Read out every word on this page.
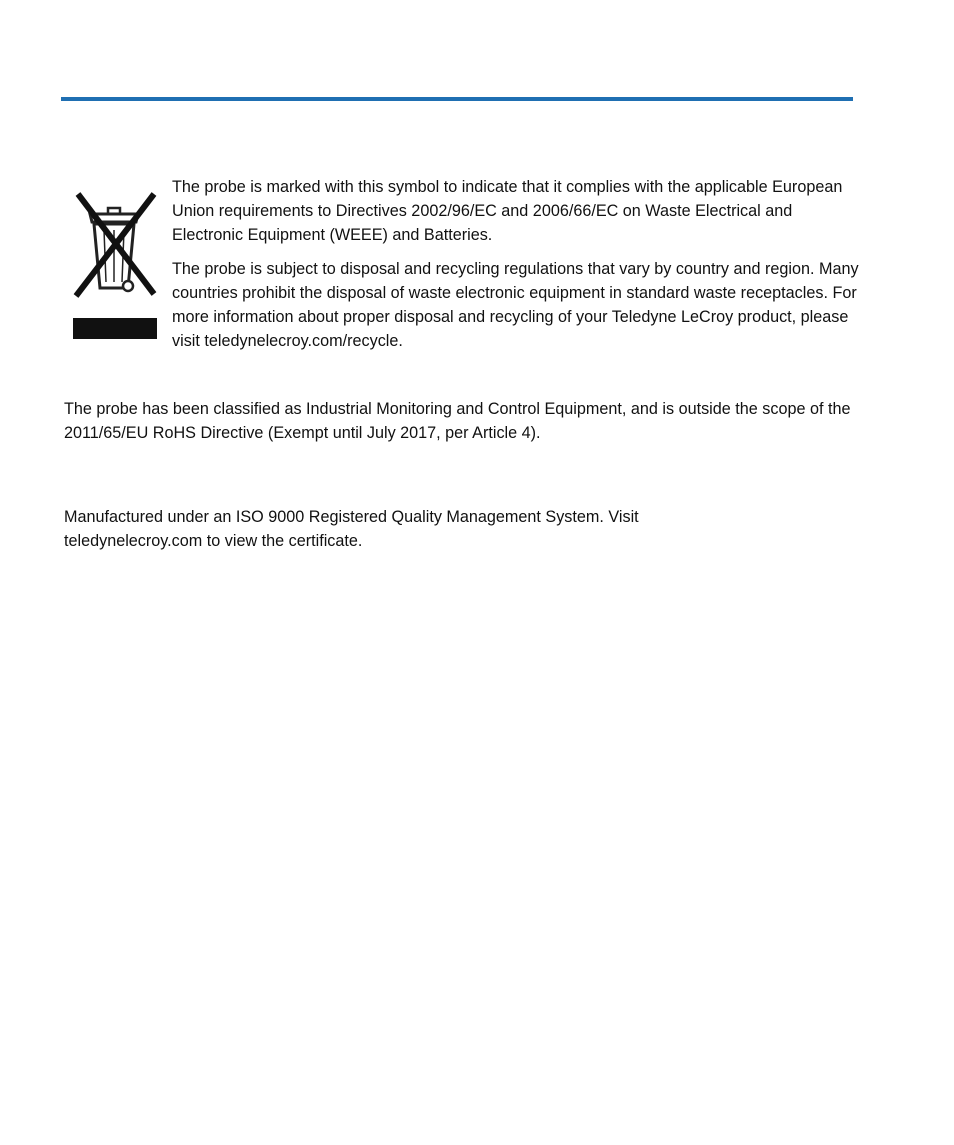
The probe is marked with this symbol to indicate that it complies with the applicable European Union requirements to Directives 2002/96/EC and 2006/66/EC on Waste Electrical and Electronic Equipment (WEEE) and Batteries.

The probe is subject to disposal and recycling regulations that vary by country and region. Many countries prohibit the disposal of waste electronic equipment in standard waste receptacles. For more information about proper disposal and recycling of your Teledyne LeCroy product, please visit teledynelecroy.com/recycle.

The probe has been classified as Industrial Monitoring and Control Equipment, and is outside the scope of the 2011/65/EU RoHS Directive (Exempt until July 2017, per Article 4).

Manufactured under an ISO 9000 Registered Quality Management System. Visit teledynelecroy.com to view the certificate.
